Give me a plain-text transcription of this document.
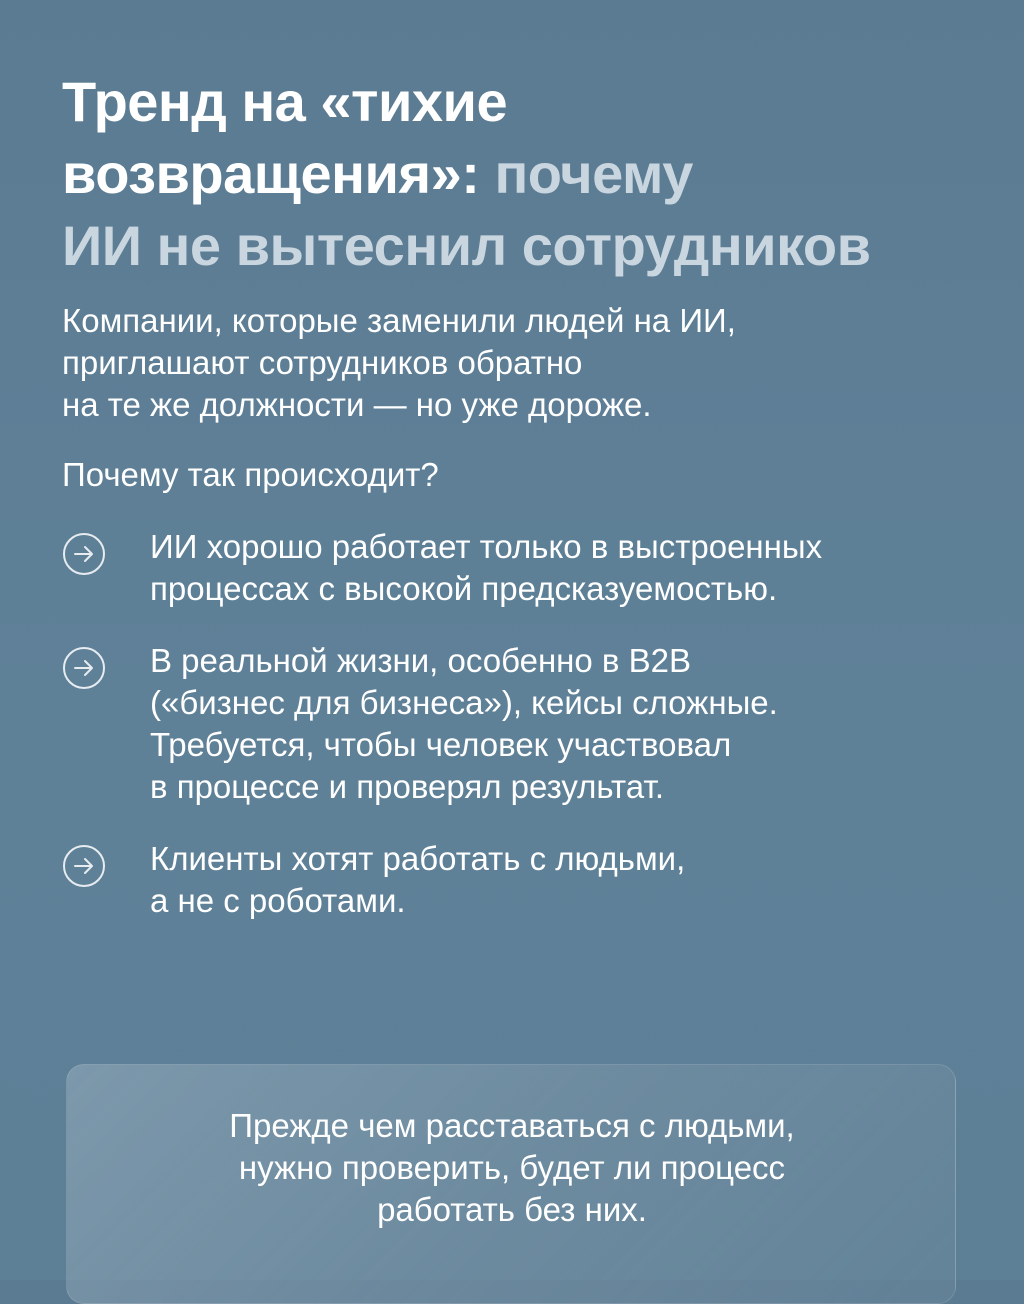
Тренд на «тихие
возвращения»: почему
ИИ не вытеснил сотрудников
Компании, которые заменили людей на ИИ,
приглашают сотрудников обратно
на те же должности — но уже дороже.
Почему так происходит?
ИИ хорошо работает только в выстроенных
процессах с высокой предсказуемостью.
В реальной жизни, особенно в B2B
(«бизнес для бизнеса»), кейсы сложные.
Требуется, чтобы человек участвовал
в процессе и проверял результат.
Клиенты хотят работать с людьми,
а не с роботами.
Прежде чем расставаться с людьми,
нужно проверить, будет ли процесс
работать без них.
